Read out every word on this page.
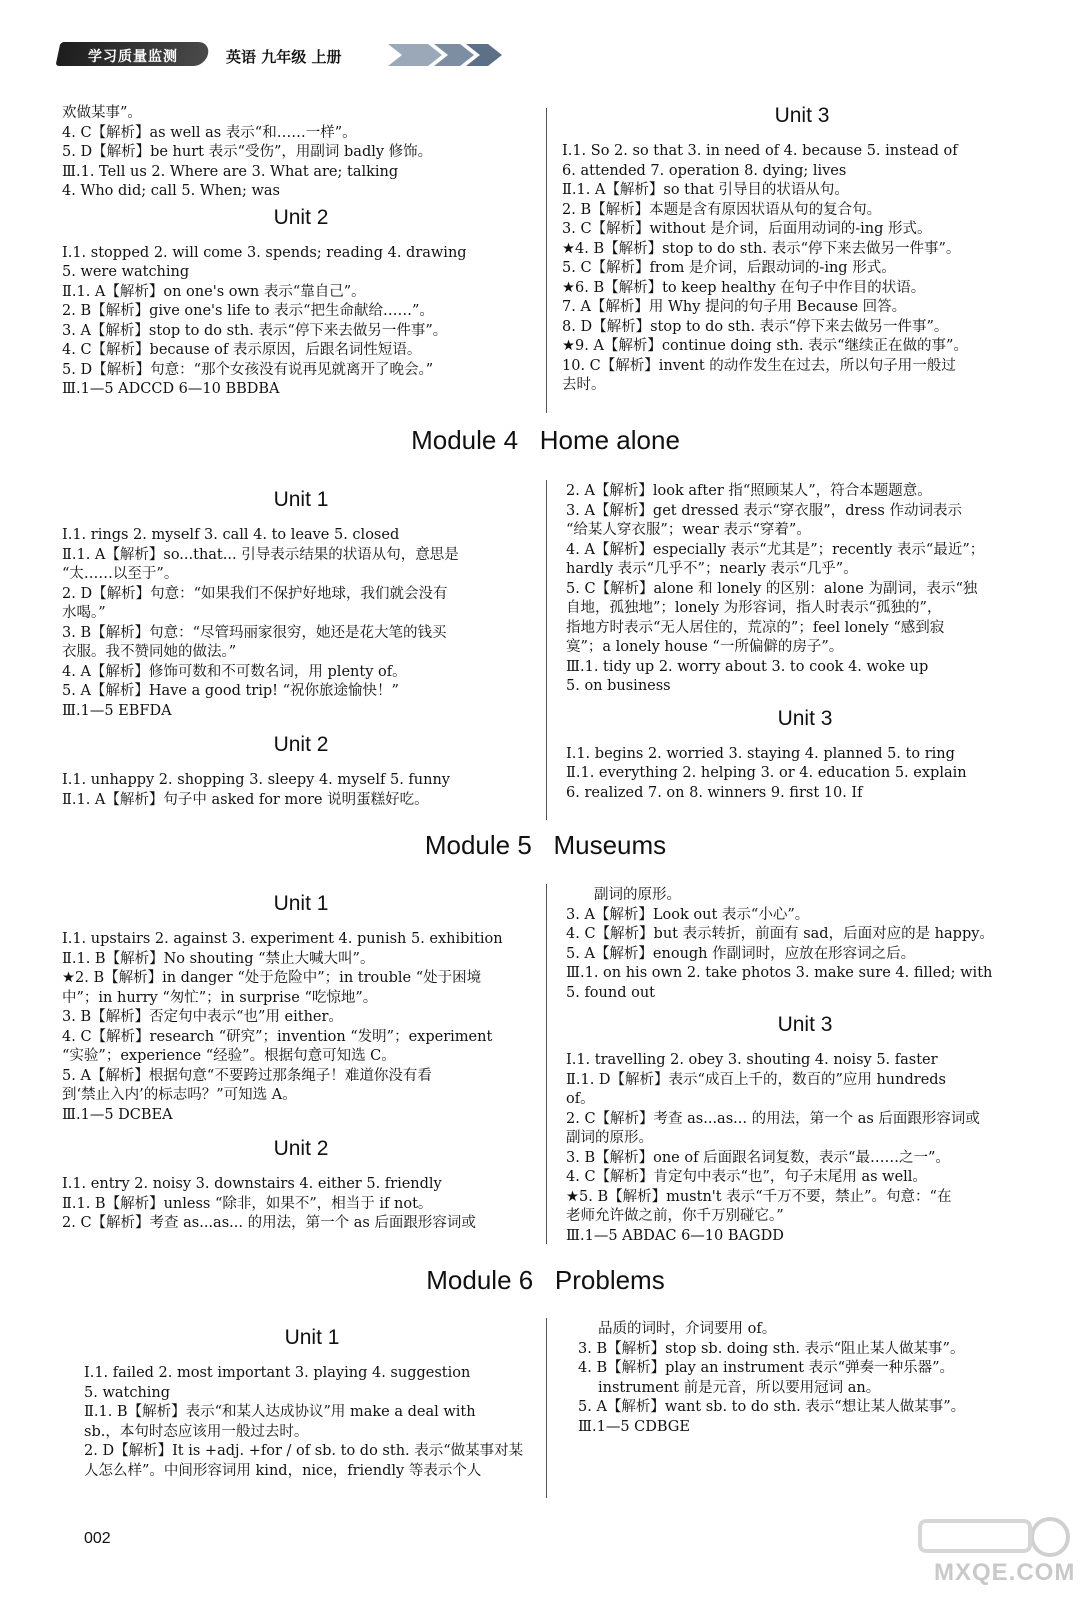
学习质量监测	英语 九年级 上册

欢做某事”。

4. C【解析】as well as 表示“和……一样”。

5. D【解析】be hurt 表示“受伤”，用副词 badly 修饰。

Ⅲ.1. Tell us 2. Where are 3. What are; talking

4. Who did; call 5. When; was

Unit 2

Ⅰ.1. stopped 2. will come 3. spends; reading 4. drawing

5. were watching

Ⅱ.1. A【解析】on one's own 表示“靠自己”。

2. B【解析】give one's life to 表示“把生命献给……”。

3. A【解析】stop to do sth. 表示“停下来去做另一件事”。

4. C【解析】because of 表示原因，后跟名词性短语。

5. D【解析】句意：“那个女孩没有说再见就离开了晚会。”

Ⅲ.1—5 ADCCD 6—10 BBDBA

Unit 3

Ⅰ.1. So 2. so that 3. in need of 4. because 5. instead of

6. attended 7. operation 8. dying; lives

Ⅱ.1. A【解析】so that 引导目的状语从句。

2. B【解析】本题是含有原因状语从句的复合句。

3. C【解析】without 是介词，后面用动词的-ing 形式。

★4. B【解析】stop to do sth. 表示“停下来去做另一件事”。

5. C【解析】from 是介词，后跟动词的-ing 形式。

★6. B【解析】to keep healthy 在句子中作目的状语。

7. A【解析】用 Why 提问的句子用 Because 回答。

8. D【解析】stop to do sth. 表示“停下来去做另一件事”。

★9. A【解析】continue doing sth. 表示“继续正在做的事”。

10. C【解析】invent 的动作发生在过去，所以句子用一般过

去时。

Module 4   Home alone
Unit 1

Ⅰ.1. rings 2. myself 3. call 4. to leave 5. closed

Ⅱ.1. A【解析】so...that... 引导表示结果的状语从句，意思是

“太……以至于”。

2. D【解析】句意：“如果我们不保护好地球，我们就会没有

水喝。”

3. B【解析】句意：“尽管玛丽家很穷，她还是花大笔的钱买

衣服。我不赞同她的做法。”

4. A【解析】修饰可数和不可数名词，用 plenty of。

5. A【解析】Have a good trip! “祝你旅途愉快！”

Ⅲ.1—5 EBFDA

Unit 2

Ⅰ.1. unhappy 2. shopping 3. sleepy 4. myself 5. funny

Ⅱ.1. A【解析】句子中 asked for more 说明蛋糕好吃。

2. A【解析】look after 指“照顾某人”，符合本题题意。

3. A【解析】get dressed 表示“穿衣服”，dress 作动词表示

“给某人穿衣服”；wear 表示“穿着”。

4. A【解析】especially 表示“尤其是”；recently 表示“最近”；

hardly 表示“几乎不”；nearly 表示“几乎”。

5. C【解析】alone 和 lonely 的区别：alone 为副词，表示“独

自地，孤独地”；lonely 为形容词，指人时表示“孤独的”，

指地方时表示“无人居住的，荒凉的”；feel lonely “感到寂

寞”；a lonely house “一所偏僻的房子”。

Ⅲ.1. tidy up 2. worry about 3. to cook 4. woke up

5. on business

Unit 3

Ⅰ.1. begins 2. worried 3. staying 4. planned 5. to ring

Ⅱ.1. everything 2. helping 3. or 4. education 5. explain

6. realized 7. on 8. winners 9. first 10. If

Module 5   Museums
Unit 1

Ⅰ.1. upstairs 2. against 3. experiment 4. punish 5. exhibition

Ⅱ.1. B【解析】No shouting “禁止大喊大叫”。

★2. B【解析】in danger “处于危险中”；in trouble “处于困境

中”；in hurry “匆忙”；in surprise “吃惊地”。

3. B【解析】否定句中表示“也”用 either。

4. C【解析】research “研究”；invention “发明”；experiment

“实验”；experience “经验”。根据句意可知选 C。

5. A【解析】根据句意“不要跨过那条绳子！难道你没有看

到‘禁止入内’的标志吗？”可知选 A。

Ⅲ.1—5 DCBEA

Unit 2

Ⅰ.1. entry 2. noisy 3. downstairs 4. either 5. friendly

Ⅱ.1. B【解析】unless “除非，如果不”，相当于 if not。

2. C【解析】考查 as...as... 的用法，第一个 as 后面跟形容词或

副词的原形。

3. A【解析】Look out 表示“小心”。

4. C【解析】but 表示转折，前面有 sad，后面对应的是 happy。

5. A【解析】enough 作副词时，应放在形容词之后。

Ⅲ.1. on his own 2. take photos 3. make sure 4. filled; with

5. found out

Unit 3

Ⅰ.1. travelling 2. obey 3. shouting 4. noisy 5. faster

Ⅱ.1. D【解析】表示“成百上千的，数百的”应用 hundreds

of。

2. C【解析】考查 as...as... 的用法，第一个 as 后面跟形容词或

副词的原形。

3. B【解析】one of 后面跟名词复数，表示“最……之一”。

4. C【解析】肯定句中表示“也”，句子末尾用 as well。

★5. B【解析】mustn't 表示“千万不要，禁止”。句意：“在

老师允许做之前，你千万别碰它。”

Ⅲ.1—5 ABDAC 6—10 BAGDD

Module 6   Problems
Unit 1

Ⅰ.1. failed 2. most important 3. playing 4. suggestion

5. watching

Ⅱ.1. B【解析】表示“和某人达成协议”用 make a deal with

sb.，本句时态应该用一般过去时。

2. D【解析】It is +adj. +for / of sb. to do sth. 表示“做某事对某

人怎么样”。中间形容词用 kind，nice，friendly 等表示个人

品质的词时，介词要用 of。

3. B【解析】stop sb. doing sth. 表示“阻止某人做某事”。

4. B【解析】play an instrument 表示“弹奏一种乐器”。

instrument 前是元音，所以要用冠词 an。

5. A【解析】want sb. to do sth. 表示“想让某人做某事”。

Ⅲ.1—5 CDBGE

002
MXQE.COM
